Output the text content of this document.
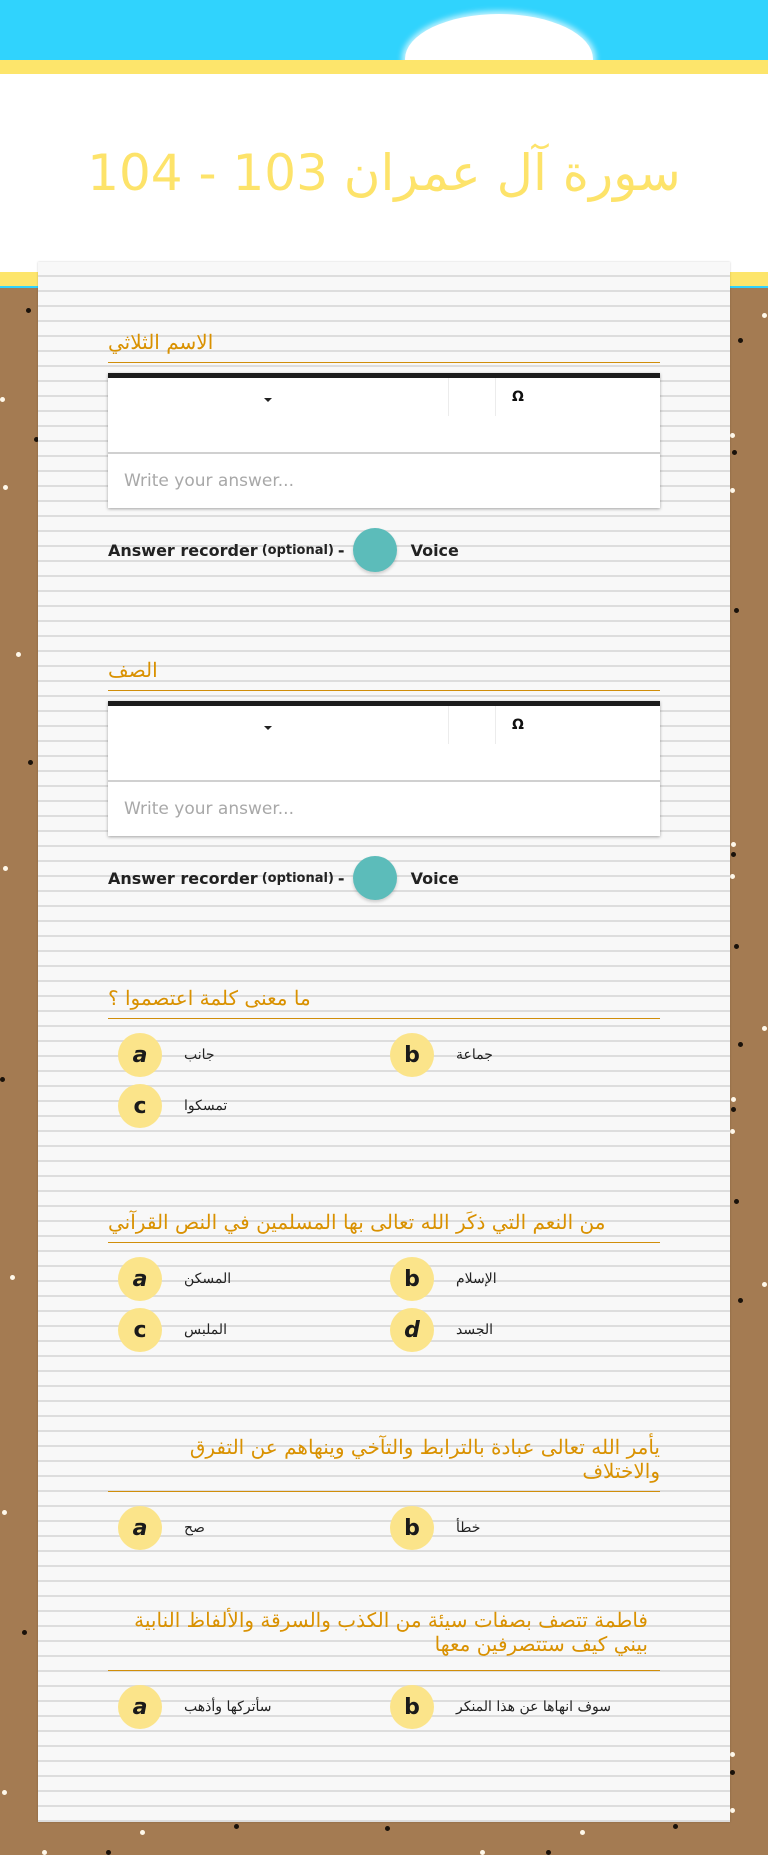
سورة آل عمران 103 - 104
الاسم الثلاثي
Ω
Write your answer...
Answer recorder (optional) -	Voice
الصف
Ω
Write your answer...
Answer recorder (optional) -	Voice
ما معنى كلمة اعتصموا ؟
a	جانب	b	جماعة
c	تمسكوا
من النعم التي ذكَر الله تعالى بها المسلمين في النص القرآني
a	المسكن	b	الإسلام
c	الملبس	d	الجسد
يأمر الله تعالى عبادة بالترابط والتآخي وينهاهم عن التفرق والاختلاف
a	صح	b	خطأ
فاطمة تتصف بصفات سيئة من الكذب والسرقة والألفاظ النابية بيني كيف ستتصرفين معها
a	سأتركها وأذهب	b	سوف انهاها عن هذا المنكر
